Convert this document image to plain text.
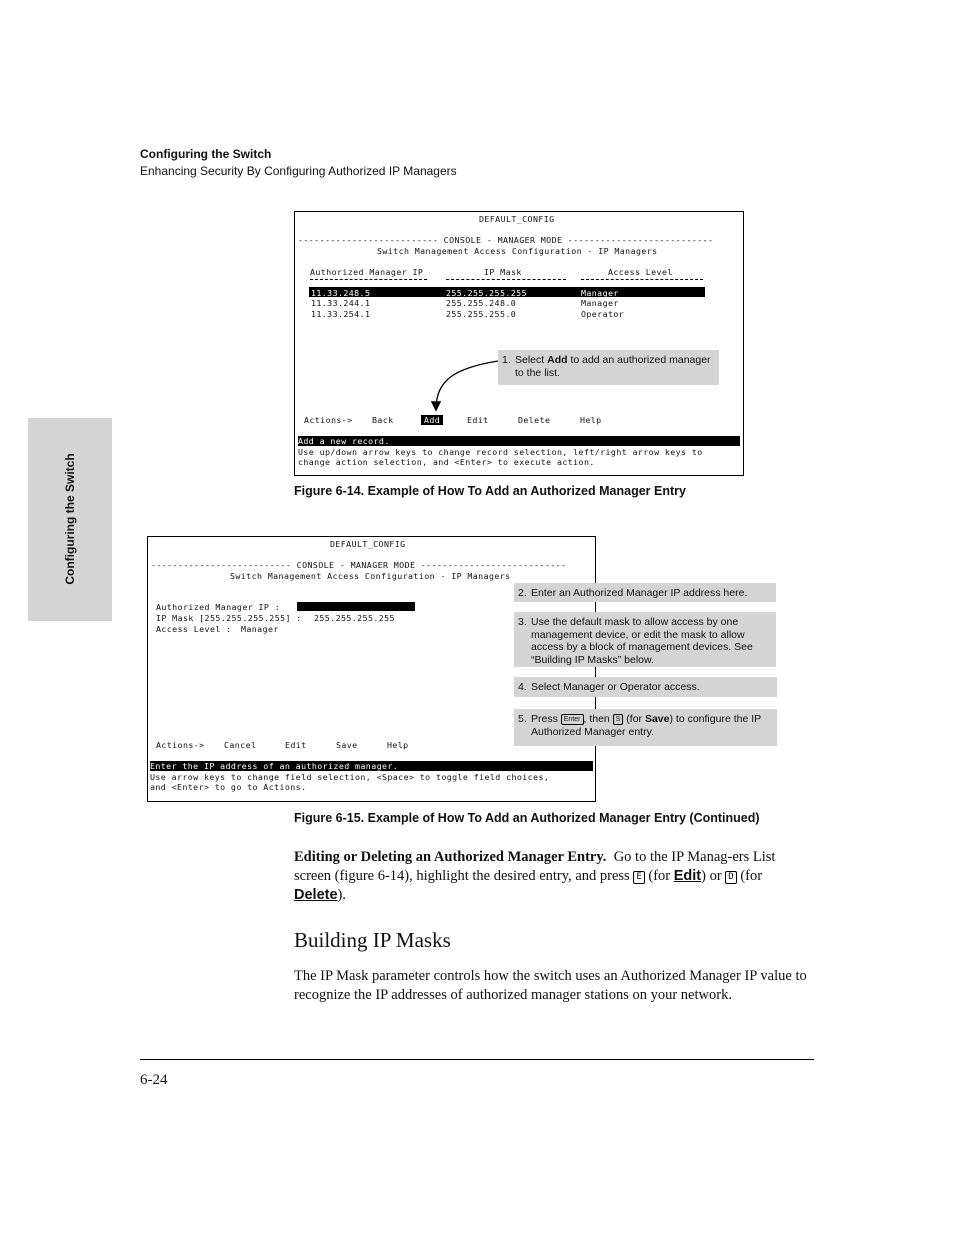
Configuring the Switch
Enhancing Security By Configuring Authorized IP Managers
Configuring the Switch
DEFAULT_CONFIG
-------------------------- CONSOLE - MANAGER MODE ---------------------------
Switch Management Access Configuration - IP Managers
Authorized Manager IP	IP Mask	Access Level
11.33.248.5	255.255.255.255	Manager
11.33.244.1	255.255.248.0	Manager
11.33.254.1	255.255.255.0	Operator
Actions-> Back	Add	Edit	Delete	Help
Add a new record.
Use up/down arrow keys to change record selection, left/right arrow keys to
change action selection, and <Enter> to execute action.
1. Select Add to add an authorized manager to the list.
Figure 6-14. Example of How To Add an Authorized Manager Entry
DEFAULT_CONFIG
-------------------------- CONSOLE - MANAGER MODE ---------------------------
Switch Management Access Configuration - IP Managers
Authorized Manager IP :
IP Mask [255.255.255.255] : 255.255.255.255
Access Level : Manager
Actions-> Cancel	Edit	Save	Help
Enter the IP address of an authorized manager.
Use arrow keys to change field selection, <Space> to toggle field choices,
and <Enter> to go to Actions.
2. Enter an Authorized Manager IP address here.
3. Use the default mask to allow access by one management device, or edit the mask to allow access by a block of management devices. See “Building IP Masks” below.
4. Select Manager or Operator access.
5. Press Enter , then S (for Save) to configure the IP Authorized Manager entry.
Figure 6-15. Example of How To Add an Authorized Manager Entry (Continued)
Editing or Deleting an Authorized Manager Entry. Go to the IP Manag-ers List screen (figure 6-14), highlight the desired entry, and press E (for Edit) or D (for Delete).
Building IP Masks
The IP Mask parameter controls how the switch uses an Authorized Manager IP value to recognize the IP addresses of authorized manager stations on your network.
6-24
